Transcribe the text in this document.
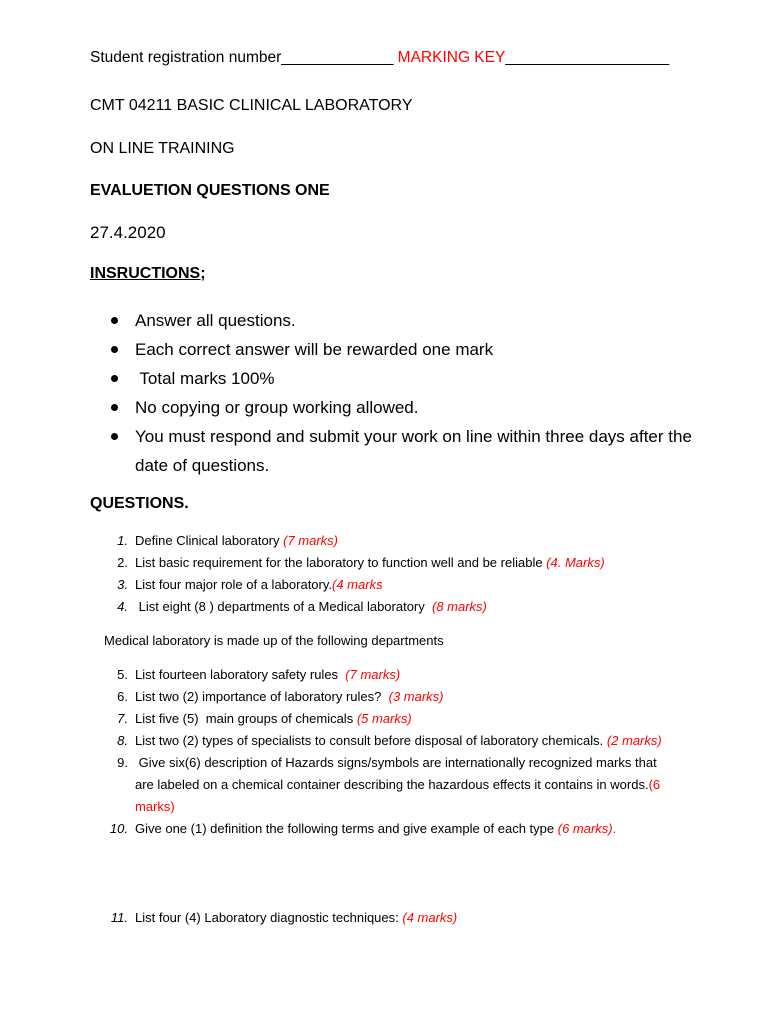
Student registration number_____________ MARKING KEY___________________
CMT 04211 BASIC CLINICAL LABORATORY
ON LINE TRAINING
EVALUETION QUESTIONS ONE
27.4.2020
INSRUCTIONS;
Answer all questions.
Each correct answer will be rewarded one mark
Total marks 100%
No copying or group working allowed.
You must respond and submit your work on line within three days after the date of questions.
QUESTIONS.
1. Define Clinical laboratory (7 marks)
2. List basic requirement for the laboratory to function well and be reliable (4. Marks)
3. List four major role of a laboratory.(4 marks
4. List eight (8 ) departments of a Medical laboratory  (8 marks)
Medical laboratory is made up of the following departments
5. List fourteen laboratory safety rules  (7 marks)
6. List two (2) importance of laboratory rules?  (3 marks)
7. List five (5)  main groups of chemicals (5 marks)
8. List two (2) types of specialists to consult before disposal of laboratory chemicals. (2 marks)
9. Give six(6) description of Hazards signs/symbols are internationally recognized marks that are labeled on a chemical container describing the hazardous effects it contains in words.(6 marks)
10. Give one (1) definition the following terms and give example of each type (6 marks).
11. List four (4) Laboratory diagnostic techniques: (4 marks)
